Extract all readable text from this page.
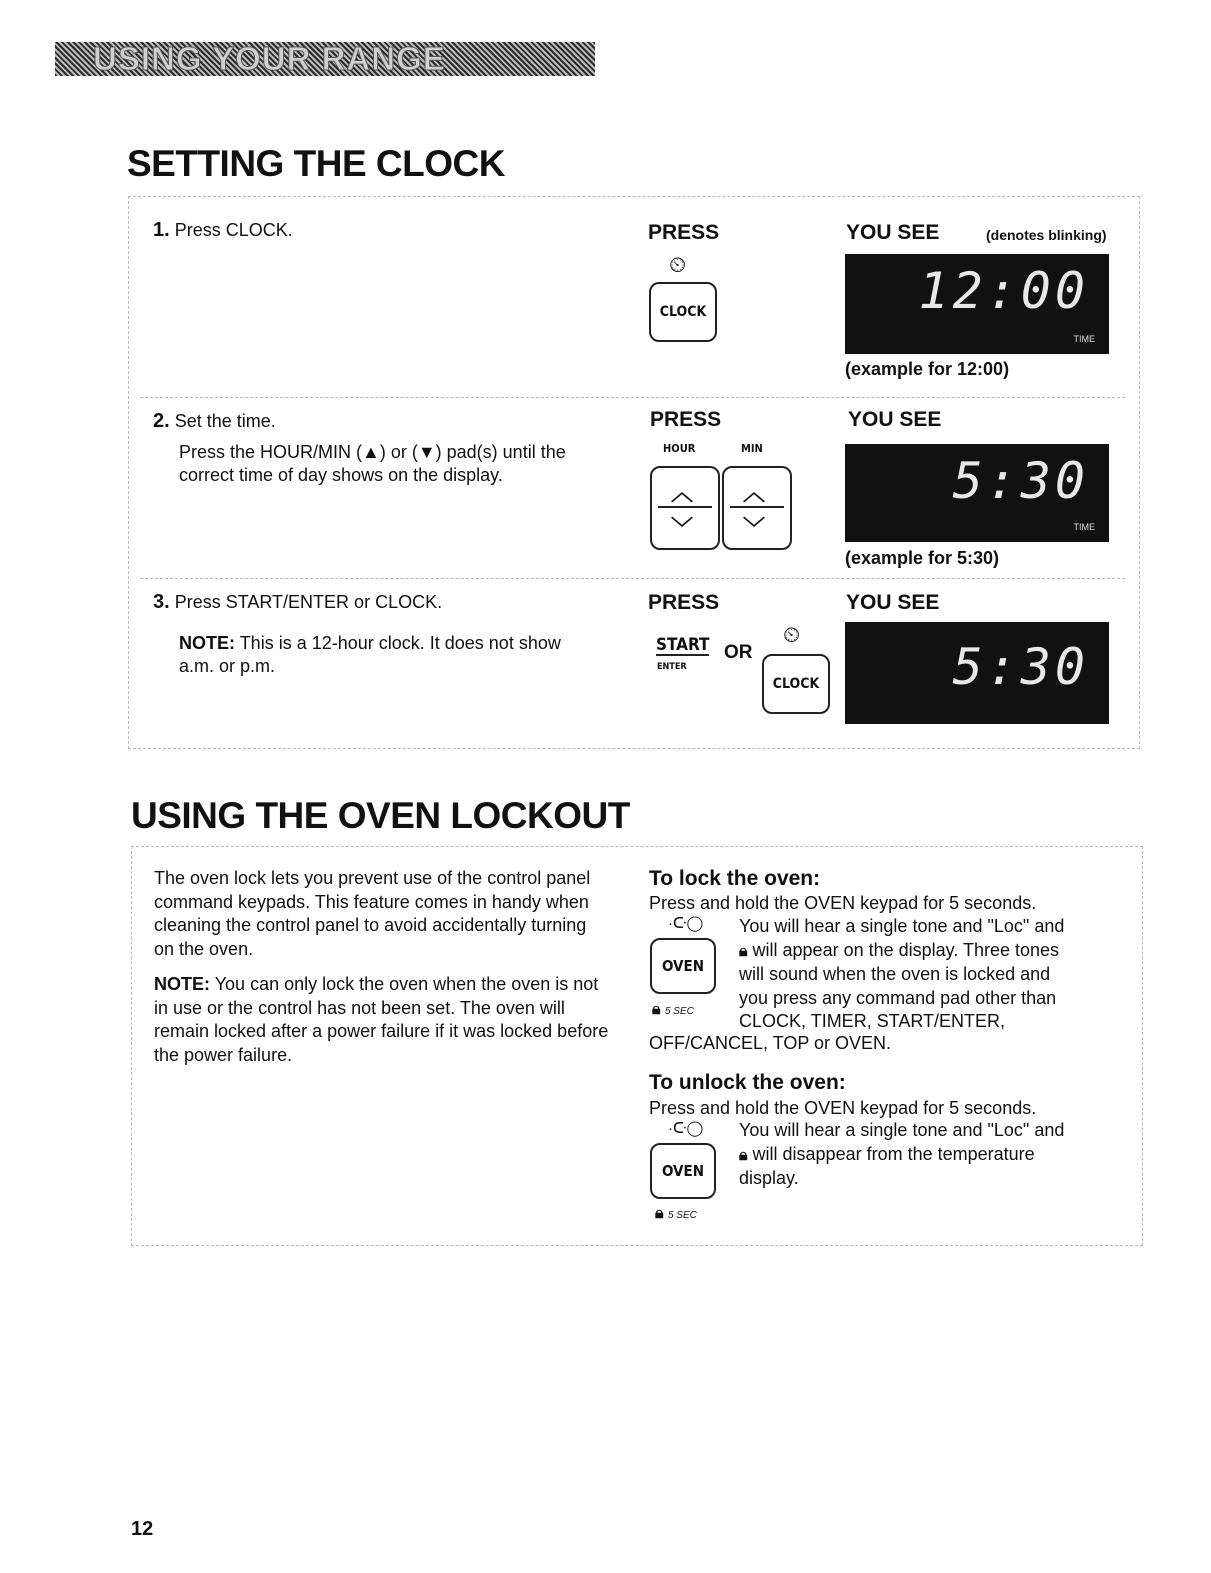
USING YOUR RANGE
SETTING THE CLOCK
1. Press CLOCK.	PRESS	YOU SEE	(denotes blinking)
⏲
CLOCK	12:00
TIME
(example for 12:00)
2. Set the time.
Press the HOUR/MIN (▲) or (▼) pad(s) until the correct time of day shows on the display.
PRESS	YOU SEE
HOUR	MIN
︿
﹀
︿
﹀
5:30
TIME
(example for 5:30)
3. Press START/ENTER or CLOCK.
NOTE: This is a 12-hour clock. It does not show a.m. or p.m.
PRESS	YOU SEE
START
ENTER
OR
⏲
CLOCK	5:30
USING THE OVEN LOCKOUT
The oven lock lets you prevent use of the control panel command keypads. This feature comes in handy when cleaning the control panel to avoid accidentally turning on the oven.
NOTE: You can only lock the oven when the oven is not in use or the control has not been set. The oven will remain locked after a power failure if it was locked before the power failure.
To lock the oven:
Press and hold the OVEN keypad for 5 seconds.
·ᑢ◯
OVEN
🔒︎ 5 SEC
You will hear a single tone and "Loc" and
🔒︎ will appear on the display. Three tones
will sound when the oven is locked and
you press any command pad other than
CLOCK, TIMER, START/ENTER,
OFF/CANCEL, TOP or OVEN.
To unlock the oven:
Press and hold the OVEN keypad for 5 seconds.
·ᑢ◯
OVEN
🔒︎ 5 SEC
You will hear a single tone and "Loc" and
🔒︎ will disappear from the temperature
display.
12
